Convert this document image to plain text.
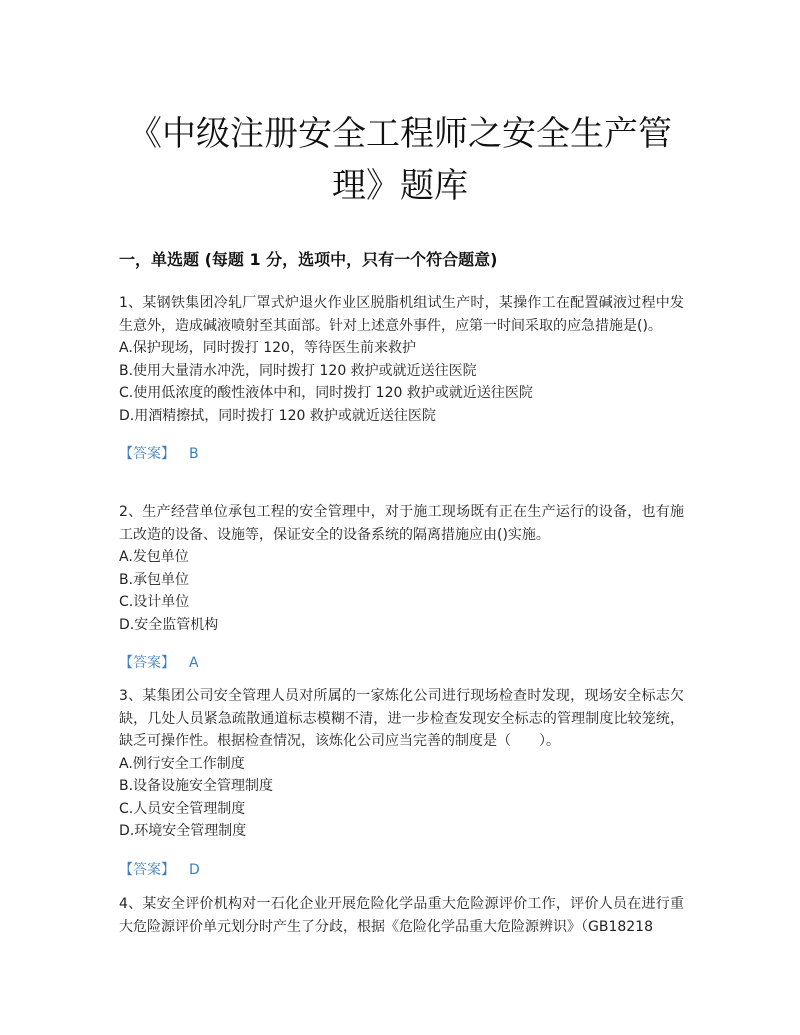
《中级注册安全工程师之安全生产管
理》题库
一，单选题 (每题 1 分，选项中，只有一个符合题意)

1、某钢铁集团冷轧厂罩式炉退火作业区脱脂机组试生产时，某操作工在配置碱液过程中发生意外，造成碱液喷射至其面部。针对上述意外事件，应第一时间采取的应急措施是()。

A.保护现场，同时拨打 120，等待医生前来救护

B.使用大量清水冲洗，同时拨打 120 救护或就近送往医院

C.使用低浓度的酸性液体中和，同时拨打 120 救护或就近送往医院

D.用酒精擦拭，同时拨打 120 救护或就近送往医院

【答案】 B

2、生产经营单位承包工程的安全管理中，对于施工现场既有正在生产运行的设备，也有施工改造的设备、设施等，保证安全的设备系统的隔离措施应由()实施。

A.发包单位

B.承包单位

C.设计单位

D.安全监管机构

【答案】 A

3、某集团公司安全管理人员对所属的一家炼化公司进行现场检查时发现，现场安全标志欠缺，几处人员紧急疏散通道标志模糊不清，进一步检查发现安全标志的管理制度比较笼统，缺乏可操作性。根据检查情况，该炼化公司应当完善的制度是（　　）。

A.例行安全工作制度

B.设备设施安全管理制度

C.人员安全管理制度

D.环境安全管理制度

【答案】 D

4、某安全评价机构对一石化企业开展危险化学品重大危险源评价工作，评价人员在进行重大危险源评价单元划分时产生了分歧，根据《危险化学品重大危险源辨识》（GB18218
